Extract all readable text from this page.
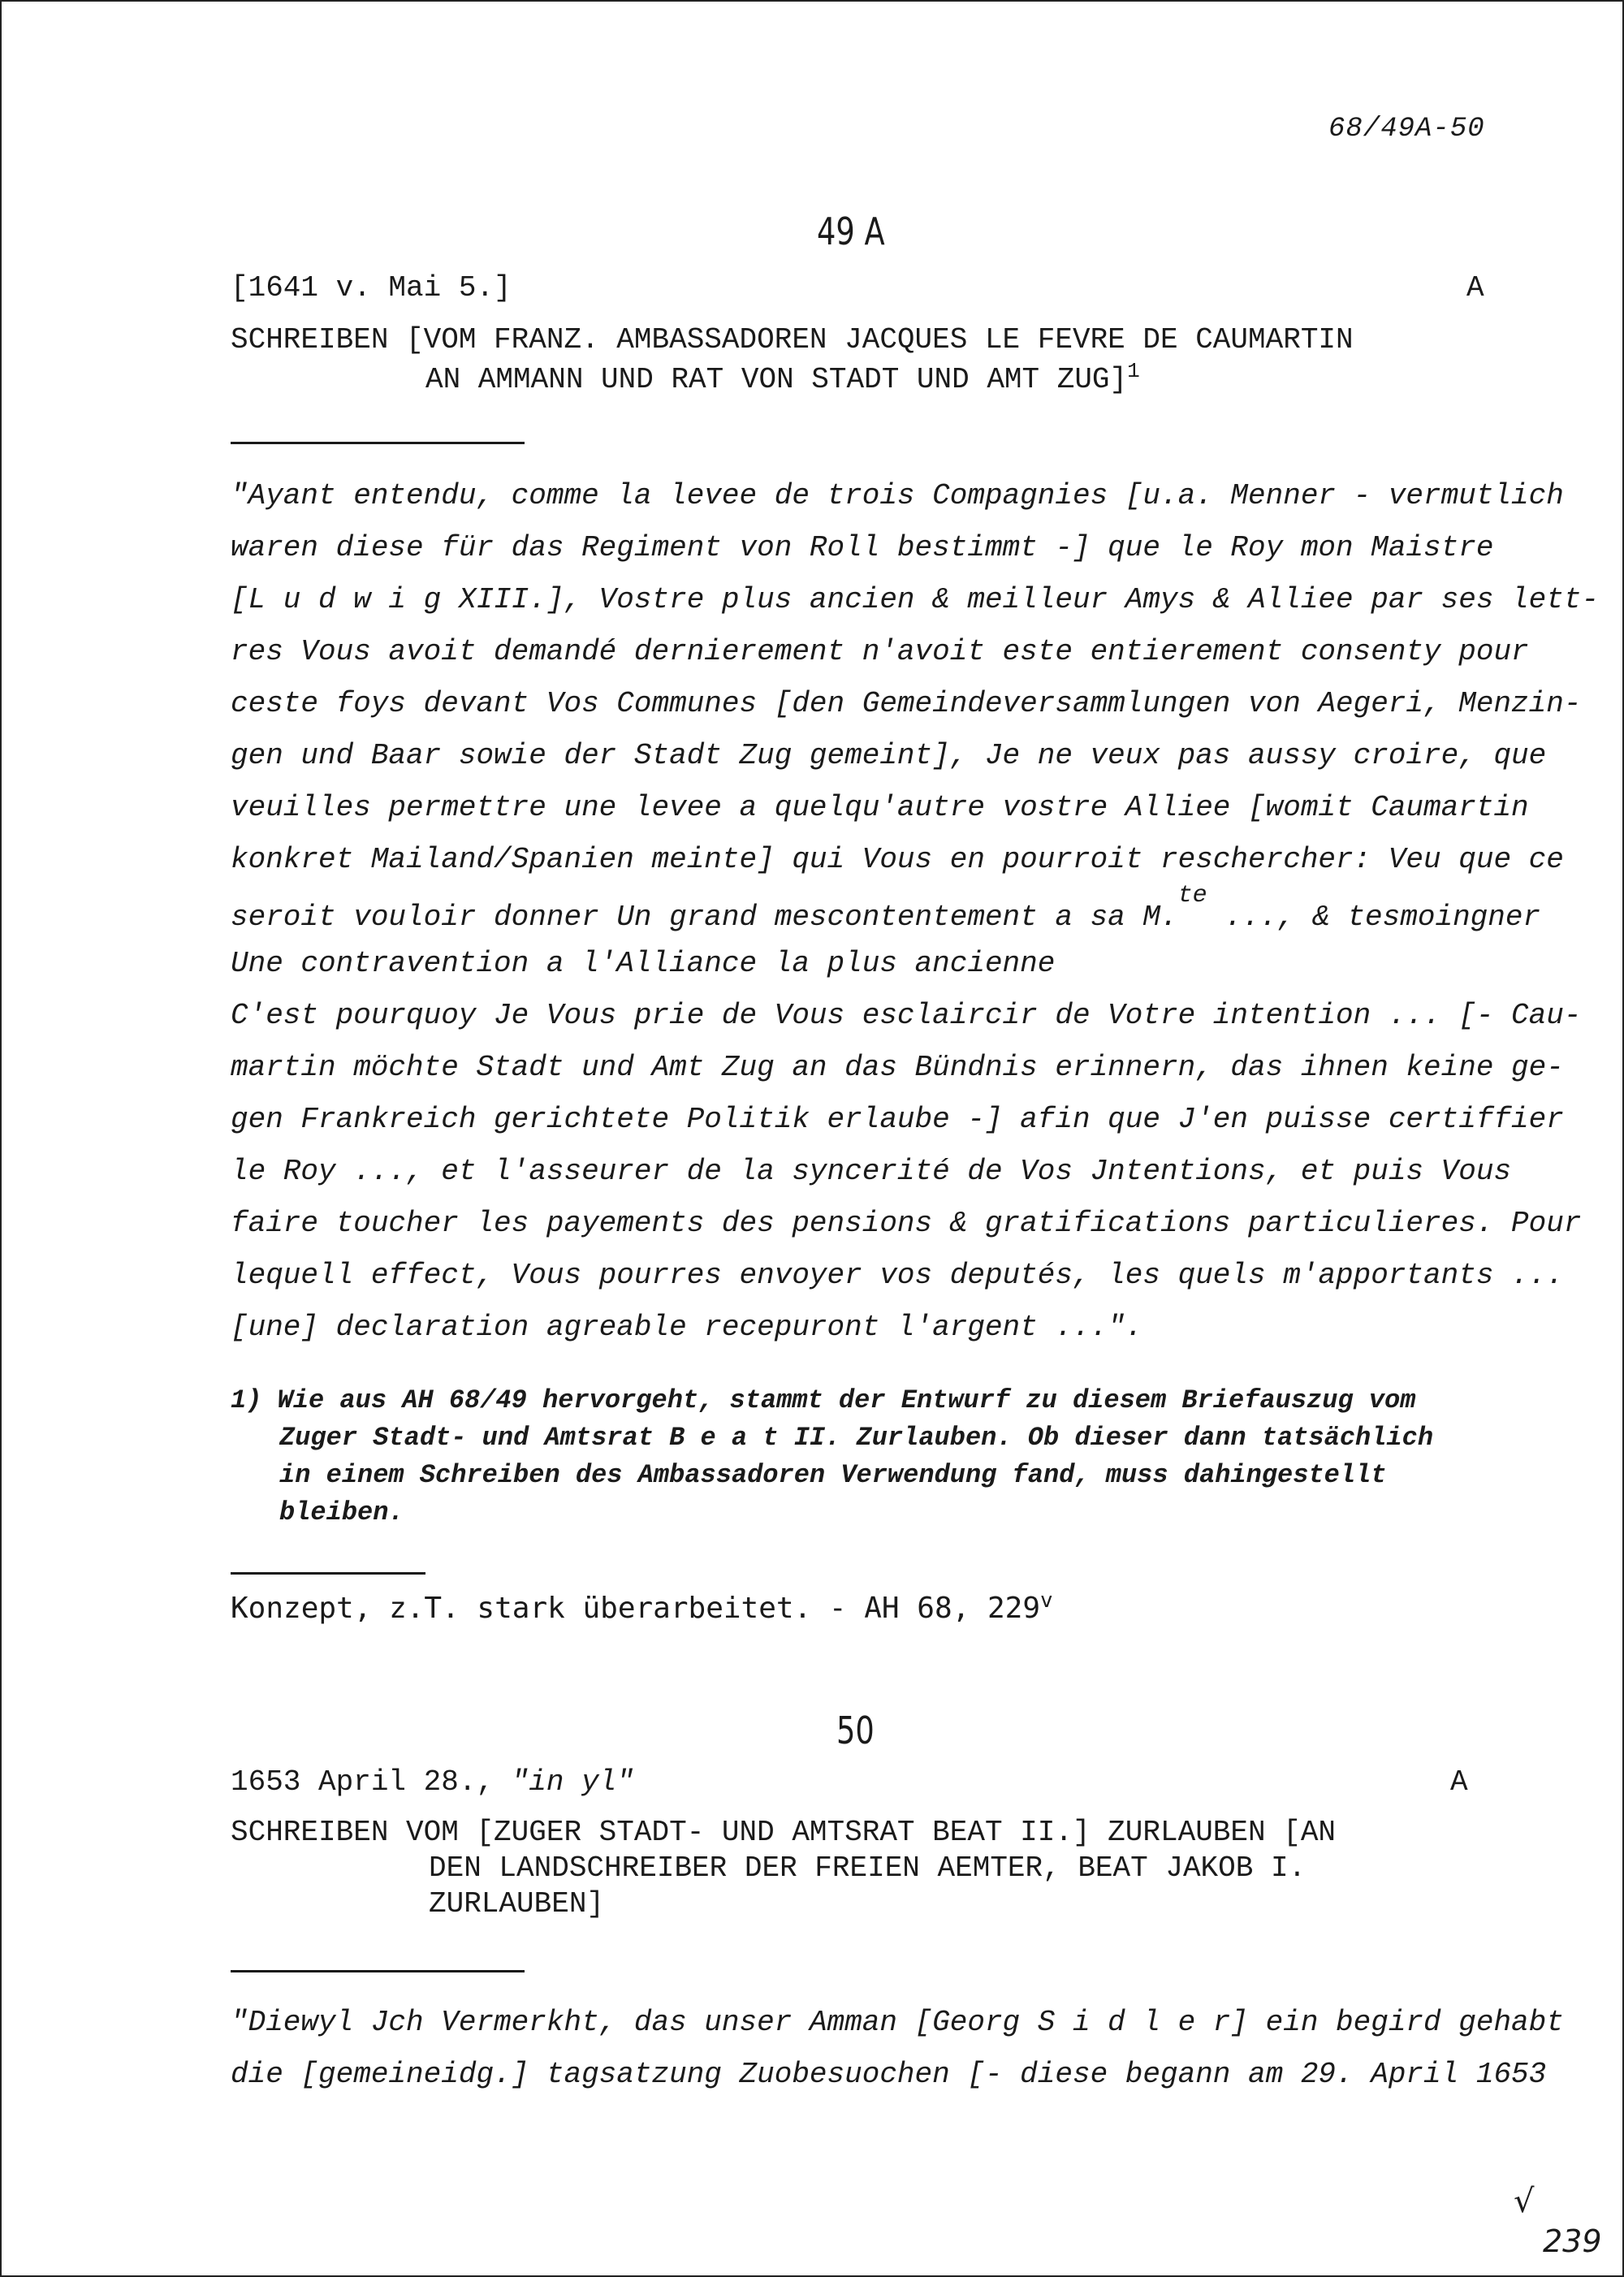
68/49A-50
49 A
[1641 v. Mai 5.]	A
SCHREIBEN [VOM FRANZ. AMBASSADOREN JACQUES LE FEVRE DE CAUMARTIN
AN AMMANN UND RAT VON STADT UND AMT ZUG]$^1$
"Ayant entendu, comme la levee de trois Compagnies [u.a. Menner - vermutlich
waren diese für das Regiment von Roll bestimmt -] que le Roy mon Maistre
[L u d w i g XIII.], Vostre plus ancien & meilleur Amys & Alliee par ses lett-
res Vous avoit demandé dernierement n'avoit este entierement consenty pour
ceste foys devant Vos Communes [den Gemeindeversammlungen von Aegeri, Menzin-
gen und Baar sowie der Stadt Zug gemeint], Je ne veux pas aussy croire, que
veuilles permettre une levee a quelqu'autre vostre Alliee [womit Caumartin
konkret Mailand/Spanien meinte] qui Vous en pourroit reschercher: Veu que ce
seroit vouloir donner Un grand mescontentement a sa M.$^{te}$ ..., & tesmoingner
Une contravention a l'Alliance la plus ancienne
C'est pourquoy Je Vous prie de Vous esclaircir de Votre intention ... [- Cau-
martin möchte Stadt und Amt Zug an das Bündnis erinnern, das ihnen keine ge-
gen Frankreich gerichtete Politik erlaube -] afin que J'en puisse certiffier
le Roy ..., et l'asseurer de la syncerité de Vos Jntentions, et puis Vous
faire toucher les payements des pensions & gratifications particulieres. Pour
lequell effect, Vous pourres envoyer vos deputés, les quels m'apportants ...
[une] declaration agreable recepuront l'argent ...".
1) Wie aus AH 68/49 hervorgeht, stammt der Entwurf zu diesem Briefauszug vom
Zuger Stadt- und Amtsrat B e a t II. Zurlauben. Ob dieser dann tatsächlich
in einem Schreiben des Ambassadoren Verwendung fand, muss dahingestellt
bleiben.
Konzept, z.T. stark überarbeitet. - AH 68, 229$^v$
50
1653 April 28., "in yl"	A
SCHREIBEN VOM [ZUGER STADT- UND AMTSRAT BEAT II.] ZURLAUBEN [AN
DEN LANDSCHREIBER DER FREIEN AEMTER, BEAT JAKOB I.
ZURLAUBEN]
"Diewyl Jch Vermerkht, das unser Amman [Georg S i d l e r] ein begird gehabt
die [gemeineidg.] tagsatzung Zuobesuochen [- diese begann am 29. April 1653
√
239
